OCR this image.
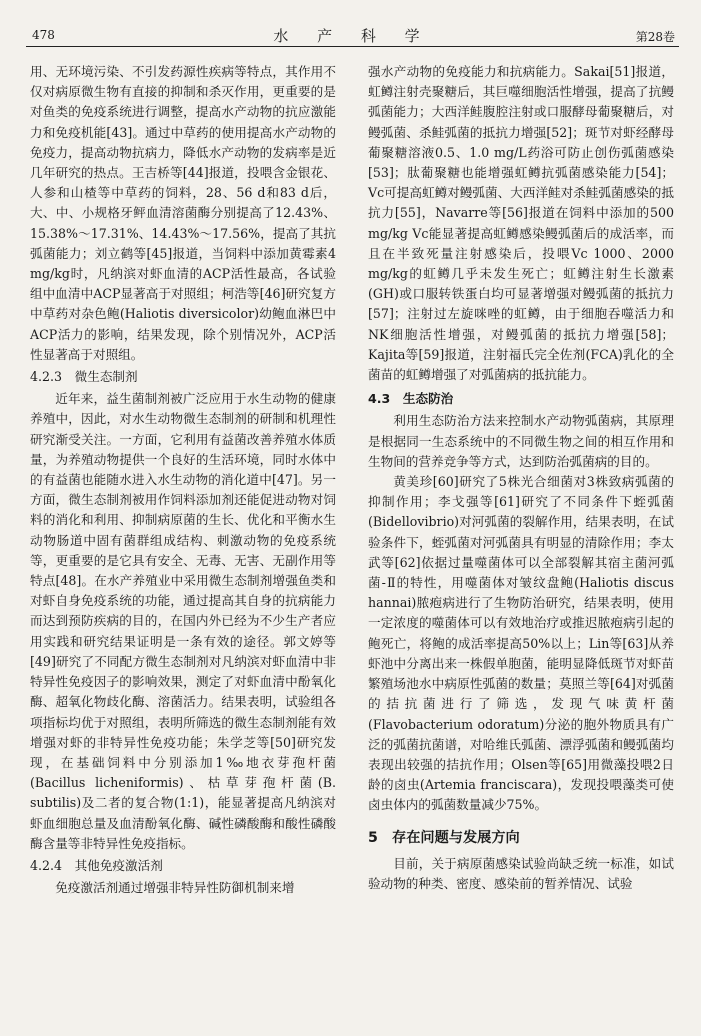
478	水 产 科 学	第28卷

用、无环境污染、不引发药源性疾病等特点，其作用不仅对病原微生物有直接的抑制和杀灭作用，更重要的是对鱼类的免疫系统进行调整，提高水产动物的抗应激能力和免疫机能[43]。通过中草药的使用提高水产动物的免疫力，提高动物抗病力，降低水产动物的发病率是近几年研究的热点。王吉桥等[44]报道，投喂含金银花、人参和山楂等中草药的饲料，28、56 d和83 d后，大、中、小规格牙鲆血清溶菌酶分别提高了12.43%、15.38%～17.31%、14.43%～17.56%，提高了其抗弧菌能力；刘立鹤等[45]报道，当饲料中添加黄霉素4 mg/kg时，凡纳滨对虾血清的ACP活性最高，各试验组中血清中ACP显著高于对照组；柯浩等[46]研究复方中草药对杂色鲍(Haliotis diversicolor)幼鲍血淋巴中ACP活力的影响，结果发现，除个别情况外，ACP活性显著高于对照组。

4.2.3　微生态制剂

近年来，益生菌制剂被广泛应用于水生动物的健康养殖中，因此，对水生动物微生态制剂的研制和机理性研究渐受关注。一方面，它利用有益菌改善养殖水体质量，为养殖动物提供一个良好的生活环境，同时水体中的有益菌也能随水进入水生动物的消化道中[47]。另一方面，微生态制剂被用作饲料添加剂还能促进动物对饲料的消化和利用、抑制病原菌的生长、优化和平衡水生动物肠道中固有菌群组成结构、刺激动物的免疫系统等，更重要的是它具有安全、无毒、无害、无副作用等特点[48]。在水产养殖业中采用微生态制剂增强鱼类和对虾自身免疫系统的功能，通过提高其自身的抗病能力而达到预防疾病的目的，在国内外已经为不少生产者应用实践和研究结果证明是一条有效的途径。郭文婷等[49]研究了不同配方微生态制剂对凡纳滨对虾血清中非特异性免疫因子的影响效果，测定了对虾血清中酚氧化酶、超氧化物歧化酶、溶菌活力。结果表明，试验组各项指标均优于对照组，表明所筛选的微生态制剂能有效增强对虾的非特异性免疫功能；朱学芝等[50]研究发现，在基础饲料中分别添加1‰地衣芽孢杆菌(Bacillus licheniformis)、枯草芽孢杆菌(B. subtilis)及二者的复合物(1:1)，能显著提高凡纳滨对虾血细胞总量及血清酚氧化酶、碱性磷酸酶和酸性磷酸酶含量等非特异性免疫指标。

4.2.4　其他免疫激活剂

免疫激活剂通过增强非特异性防御机制来增

强水产动物的免疫能力和抗病能力。Sakai[51]报道，虹鳟注射壳聚糖后，其巨噬细胞活性增强，提高了抗鳗弧菌能力；大西洋鲑腹腔注射或口服酵母葡聚糖后，对鳗弧菌、杀鲑弧菌的抵抗力增强[52]；斑节对虾经酵母葡聚糖溶液0.5、1.0 mg/L药浴可防止创伤弧菌感染[53]；肽葡聚糖也能增强虹鳟抗弧菌感染能力[54]；Vc可提高虹鳟对鳗弧菌、大西洋鲑对杀鲑弧菌感染的抵抗力[55]，Navarre等[56]报道在饲料中添加的500 mg/kg Vc能显著提高虹鳟感染鳗弧菌后的成活率，而且在半致死量注射感染后，投喂Vc 1000、2000 mg/kg的虹鳟几乎未发生死亡；虹鳟注射生长激素(GH)或口服转铁蛋白均可显著增强对鳗弧菌的抵抗力[57]；注射过左旋咪唑的虹鳟，由于细胞吞噬活力和NK细胞活性增强，对鳗弧菌的抵抗力增强[58]；Kajita等[59]报道，注射福氏完全佐剂(FCA)乳化的全菌苗的虹鳟增强了对弧菌病的抵抗能力。

4.3　生态防治

利用生态防治方法来控制水产动物弧菌病，其原理是根据同一生态系统中的不同微生物之间的相互作用和生物间的营养竞争等方式，达到防治弧菌病的目的。

黄美珍[60]研究了5株光合细菌对3株致病弧菌的抑制作用；李戈强等[61]研究了不同条件下蛭弧菌(Bidellovibrio)对河弧菌的裂解作用，结果表明，在试验条件下，蛭弧菌对河弧菌具有明显的清除作用；李太武等[62]依据过量噬菌体可以全部裂解其宿主菌河弧菌-Ⅱ的特性，用噬菌体对皱纹盘鲍(Haliotis discus hannai)脓疱病进行了生物防治研究，结果表明，使用一定浓度的噬菌体可以有效地治疗或推迟脓疱病引起的鲍死亡，将鲍的成活率提高50%以上；Lin等[63]从养虾池中分离出来一株假单胞菌，能明显降低斑节对虾苗繁殖场池水中病原性弧菌的数量；莫照兰等[64]对弧菌的拮抗菌进行了筛选，发现气味黄杆菌(Flavobacterium odoratum)分泌的胞外物质具有广泛的弧菌抗菌谱，对哈维氏弧菌、漂浮弧菌和鳗弧菌均表现出较强的拮抗作用；Olsen等[65]用微藻投喂2日龄的卤虫(Artemia franciscara)，发现投喂藻类可使卤虫体内的弧菌数量减少75%。

5　存在问题与发展方向

目前，关于病原菌感染试验尚缺乏统一标准，如试验动物的种类、密度、感染前的暂养情况、试验
